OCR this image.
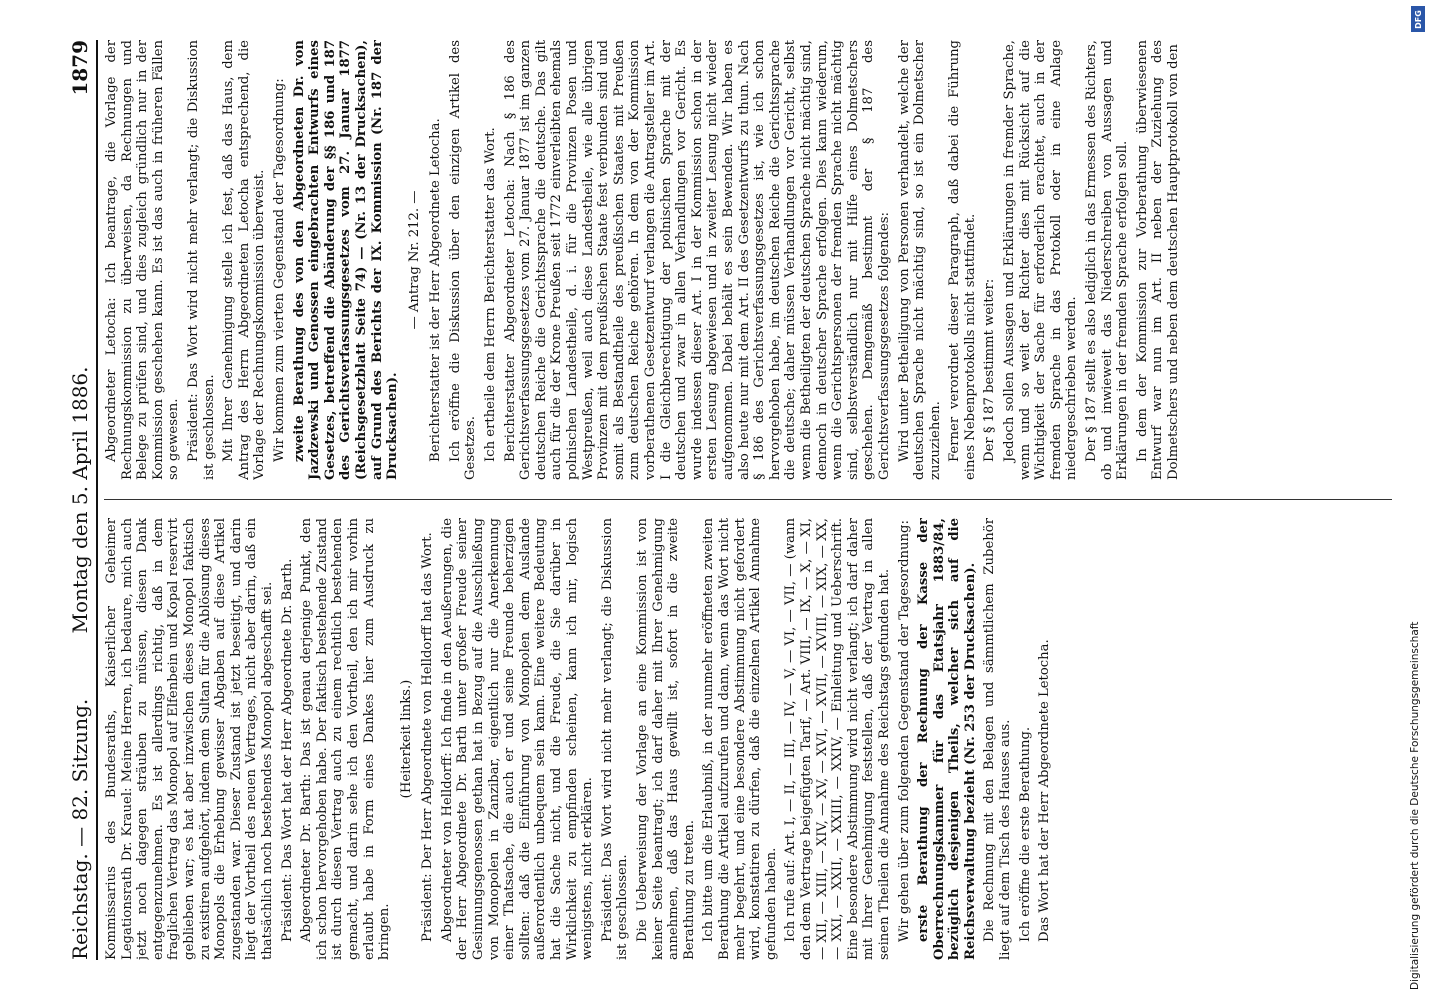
Reichstag. — 82. Sitzung.
Montag den 5. April 1886.
1879

Kommissarius des Bundesraths, Kaiserlicher Geheimer Legationsrath Dr. Krauel: Meine Herren, ich bedaure, mich auch jetzt noch dagegen sträuben zu müssen, diesen Dank entgegenzunehmen. Es ist allerdings richtig, daß in dem fraglichen Vertrag das Monopol auf Elfenbein und Kopal reservirt geblieben war; es hat aber inzwischen dieses Monopol faktisch zu existiren aufgehört, indem dem Sultan für die Ablösung dieses Monopols die Erhebung gewisser Abgaben auf diese Artikel zugestanden war. Dieser Zustand ist jetzt beseitigt, und darin liegt der Vortheil des neuen Vertrages, nicht aber darin, daß ein thatsächlich noch bestehendes Monopol abgeschafft sei. Präsident: Das Wort hat der Herr Abgeordnete Dr. Barth. Abgeordneter Dr. Barth: Das ist genau derjenige Punkt, den ich schon hervorgehoben habe. Der faktisch bestehende Zustand ist durch diesen Vertrag auch zu einem rechtlich bestehenden gemacht, und darin sehe ich den Vortheil, den ich mir vorhin erlaubt habe in Form eines Dankes hier zum Ausdruck zu bringen.

(Heiterkeit links.) Präsident: Der Herr Abgeordnete von Helldorff hat das Wort. Abgeordneter von Helldorff: Ich finde in den Aeußerungen, die der Herr Abgeordnete Dr. Barth unter großer Freude seiner Gesinnungsgenossen gethan hat in Bezug auf die Ausschließung von Monopolen in Zanzibar, eigentlich nur die Anerkennung einer Thatsache, die auch er und seine Freunde beherzigen sollten: daß die Einführung von Monopolen dem Auslande außerordentlich unbequem sein kann. Eine weitere Bedeutung hat die Sache nicht, und die Freude, die Sie darüber in Wirklichkeit zu empfinden scheinen, kann ich mir, logisch wenigstens, nicht erklären. Präsident: Das Wort wird nicht mehr verlangt; die Diskussion ist geschlossen. Die Ueberweisung der Vorlage an eine Kommission ist von keiner Seite beantragt; ich darf daher mit Ihrer Genehmigung annehmen, daß das Haus gewillt ist, sofort in die zweite Berathung zu treten. Ich bitte um die Erlaubniß, in der nunmehr eröffneten zweiten Berathung die Artikel aufzurufen und dann, wenn das Wort nicht mehr begehrt, und eine besondere Abstimmung nicht gefordert wird, konstatiren zu dürfen, daß die einzelnen Artikel Annahme gefunden haben. Ich rufe auf: Art. I, — II, — III, — IV, — V, — VI, — VII, — (wann den dem Vertrage beigefügten Tarif, — Art. VIII, — IX, — X, — XI, — XII, — XIII, — XIV, — XV, — XVI, — XVII, — XVIII, — XIX, — XX, — XXI, — XXII, — XXIII, — XXIV, — Einleitung und Ueberschrift. Eine besondere Abstimmung wird nicht verlangt; ich darf daher mit Ihrer Genehmigung feststellen, daß der Vertrag in allen seinen Theilen die Annahme des Reichstags gefunden hat. Wir gehen über zum folgenden Gegenstand der Tagesordnung: erste Berathung der Rechnung der Kasse der Oberrechnungskammer für das Etatsjahr 1883/84, bezüglich desjenigen Theils, welcher sich auf die Reichsverwaltung bezieht (Nr. 253 der Drucksachen). Die Rechnung mit den Belagen und sämmtlichem Zubehör liegt auf dem Tisch des Hauses aus. Ich eröffne die erste Berathung. Das Wort hat der Herr Abgeordnete Letocha.

Abgeordneter Letocha: Ich beantrage, die Vorlage der Rechnungskommission zu überweisen, da Rechnungen und Belege zu prüfen sind, und dies zugleich gründlich nur in der Kommission geschehen kann. Es ist das auch in früheren Fällen so gewesen. Präsident: Das Wort wird nicht mehr verlangt; die Diskussion ist geschlossen. Mit Ihrer Genehmigung stelle ich fest, daß das Haus, dem Antrag des Herrn Abgeordneten Letocha entsprechend, die Vorlage der Rechnungskommission überweist. Wir kommen zum vierten Gegenstand der Tagesordnung: zweite Berathung des von den Abgeordneten Dr. von Jazdzewski und Genossen eingebrachten Entwurfs eines Gesetzes, betreffend die Abänderung der §§ 186 und 187 des Gerichtsverfassungsgesetzes vom 27. Januar 1877 (Reichsgesetzblatt Seite 74) — (Nr. 13 der Drucksachen), auf Grund des Berichts der IX. Kommission (Nr. 187 der Drucksachen).

— Antrag Nr. 212. — Berichterstatter ist der Herr Abgeordnete Letocha. Ich eröffne die Diskussion über den einzigen Artikel des Gesetzes. Ich ertheile dem Herrn Berichterstatter das Wort. Berichterstatter Abgeordneter Letocha: Nach § 186 des Gerichtsverfassungsgesetzes vom 27. Januar 1877 ist im ganzen deutschen Reiche die Gerichtssprache die deutsche. Das gilt auch für die der Krone Preußen seit 1772 einverleibten ehemals polnischen Landestheile, d. i. für die Provinzen Posen und Westpreußen, weil auch diese Landestheile, wie alle übrigen Provinzen mit dem preußischen Staate fest verbunden sind und somit als Bestandtheile des preußischen Staates mit Preußen zum deutschen Reiche gehören. In dem von der Kommission vorberathenen Gesetzentwurf verlangen die Antragsteller im Art. I die Gleichberechtigung der polnischen Sprache mit der deutschen und zwar in allen Verhandlungen vor Gericht. Es wurde indessen dieser Art. I in der Kommission schon in der ersten Lesung abgewiesen und in zweiter Lesung nicht wieder aufgenommen. Dabei behält es sein Bewenden. Wir haben es also heute nur mit dem Art. II des Gesetzentwurfs zu thun. Nach § 186 des Gerichtsverfassungsgesetzes ist, wie ich schon hervorgehoben habe, im deutschen Reiche die Gerichtssprache die deutsche; daher müssen Verhandlungen vor Gericht, selbst wenn die Betheiligten der deutschen Sprache nicht mächtig sind, dennoch in deutscher Sprache erfolgen. Dies kann wiederum, wenn die Gerichtspersonen der fremden Sprache nicht mächtig sind, selbstverständlich nur mit Hilfe eines Dolmetschers geschehen. Demgemäß bestimmt der § 187 des Gerichtsverfassungsgesetzes folgendes: Wird unter Betheiligung von Personen verhandelt, welche der deutschen Sprache nicht mächtig sind, so ist ein Dolmetscher zuzuziehen. Ferner verordnet dieser Paragraph, daß dabei die Führung eines Nebenprotokolls nicht stattfindet. Der § 187 bestimmt weiter: Jedoch sollen Aussagen und Erklärungen in fremder Sprache, wenn und so weit der Richter dies mit Rücksicht auf die Wichtigkeit der Sache für erforderlich erachtet, auch in der fremden Sprache in das Protokoll oder in eine Anlage niedergeschrieben werden. Der § 187 stellt es also lediglich in das Ermessen des Richters, ob und inwieweit das Niederschreiben von Aussagen und Erklärungen in der fremden Sprache erfolgen soll. In dem der Kommission zur Vorberathung überwiesenen Entwurf war nun im Art. II neben der Zuziehung des Dolmetschers und neben dem deutschen Hauptprotokoll von den

Digitalisierung gefördert durch die Deutsche Forschungsgemeinschaft
DFG
